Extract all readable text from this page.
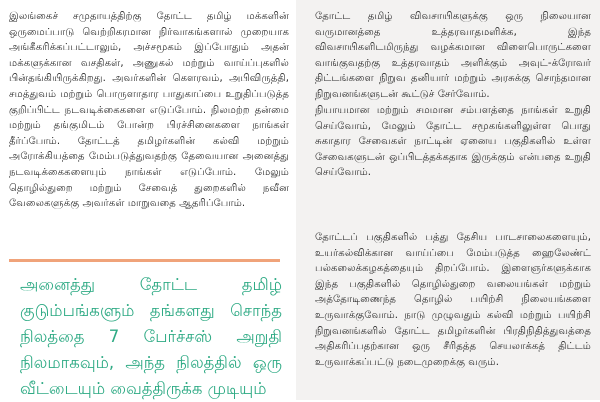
இலங்கைச் சமுதாயத்திற்கு தோட்ட தமிழ் மக்களின் ஒருமைப்பாடு வெற்றிகரமான நிர்வாகங்களால் முறையாக அங்கீகரிக்கப்பட்டாலும், அச்சமூகம் இப்போதும் அதன் மக்களுக்கான வசதிகள், அணுகல் மற்றும் வாய்ப்புகளில் பின்தங்கியிருக்கிறது. அவர்களின் கௌரவம், அபிவிருத்தி, சமத்துவம் மற்றும் பொருளாதார பாதுகாப்பை உறுதிப்படுத்த குறிப்பிட்ட நடவடிக்கைகளை எடுப்போம். நிலமற்ற தன்மை மற்றும் தங்குமிடம் போன்ற பிரச்சினைகளை நாங்கள் தீர்ப்போம். தோட்டத் தமிழர்களின் கல்வி மற்றும் அரோக்கியத்தை மேம்படுத்துவதற்கு தேவையான அனைத்து நடவடிக்கைகளையும் நாங்கள் எடுப்போம். மேலும் தொழில்துறை மற்றும் சேவைத் துறைகளில் நவீன வேலைகளுக்கு அவர்கள் மாறுவதை ஆதரிப்போம்.

அனைத்து தோட்ட தமிழ் குடும்பங்களும் தங்களது சொந்த நிலத்தை 7 பேர்ச்சஸ் அறுதி நிலமாகவும், அந்த நிலத்தில் ஒரு வீட்டையும் வைத்திருக்க முடியும்

தோட்ட தமிழ் விவசாயிகளுக்கு ஒரு நிலையான வருமானத்தை உத்தரவாதமளிக்க, இந்த விவசாயிகளிடமிருந்து வழக்கமான விளைபொருட்களை வாங்குவதற்கு உத்தரவாதம் அளிக்கும் அவுட்-க்ரோவர் திட்டங்களை நிறுவ தனியார் மற்றும் அரசுக்கு சொந்தமான நிறுவனங்களுடன் கூட்டுச் சேர்வோம்.

நியாயமான மற்றும் சமமான சம்பளத்தை நாங்கள் உறுதி செய்வோம், மேலும் தோட்ட சமூகங்களிலுள்ள பொது சுகாதார சேவைகள் நாட்டின் ஏனைய பகுதிகளில் உள்ள சேவைகளுடன் ஒப்பிடத்தக்கதாக இருக்கும் என்பதை உறுதி செய்வோம்.

தோட்டப் பகுதிகளில் பத்து தேசிய பாடசாலைகளையும், உயர்கல்விக்கான வாய்ப்பை மேம்படுத்த ஹைலேண்ட் பல்கலைக்கழகத்தையும் திறப்போம். இளைஞர்களுக்காக இந்த பகுதிகளில் தொழில்துறை வலையங்கள் மற்றும் அத்தோடிணைந்த தொழில் பயிற்சி நிலையங்களை உருவாக்குவோம். நாடு முழுவதும் கல்வி மற்றும் பயிற்சி நிறுவனங்களில் தோட்ட தமிழர்களின் பிரதிநிதித்துவத்தை அதிகரிப்பதற்கான ஒரு சீரிதத்த செயலாக்கத் திட்டம் உருவாக்கப்பட்டு நடைமுறைக்கு வரும்.
